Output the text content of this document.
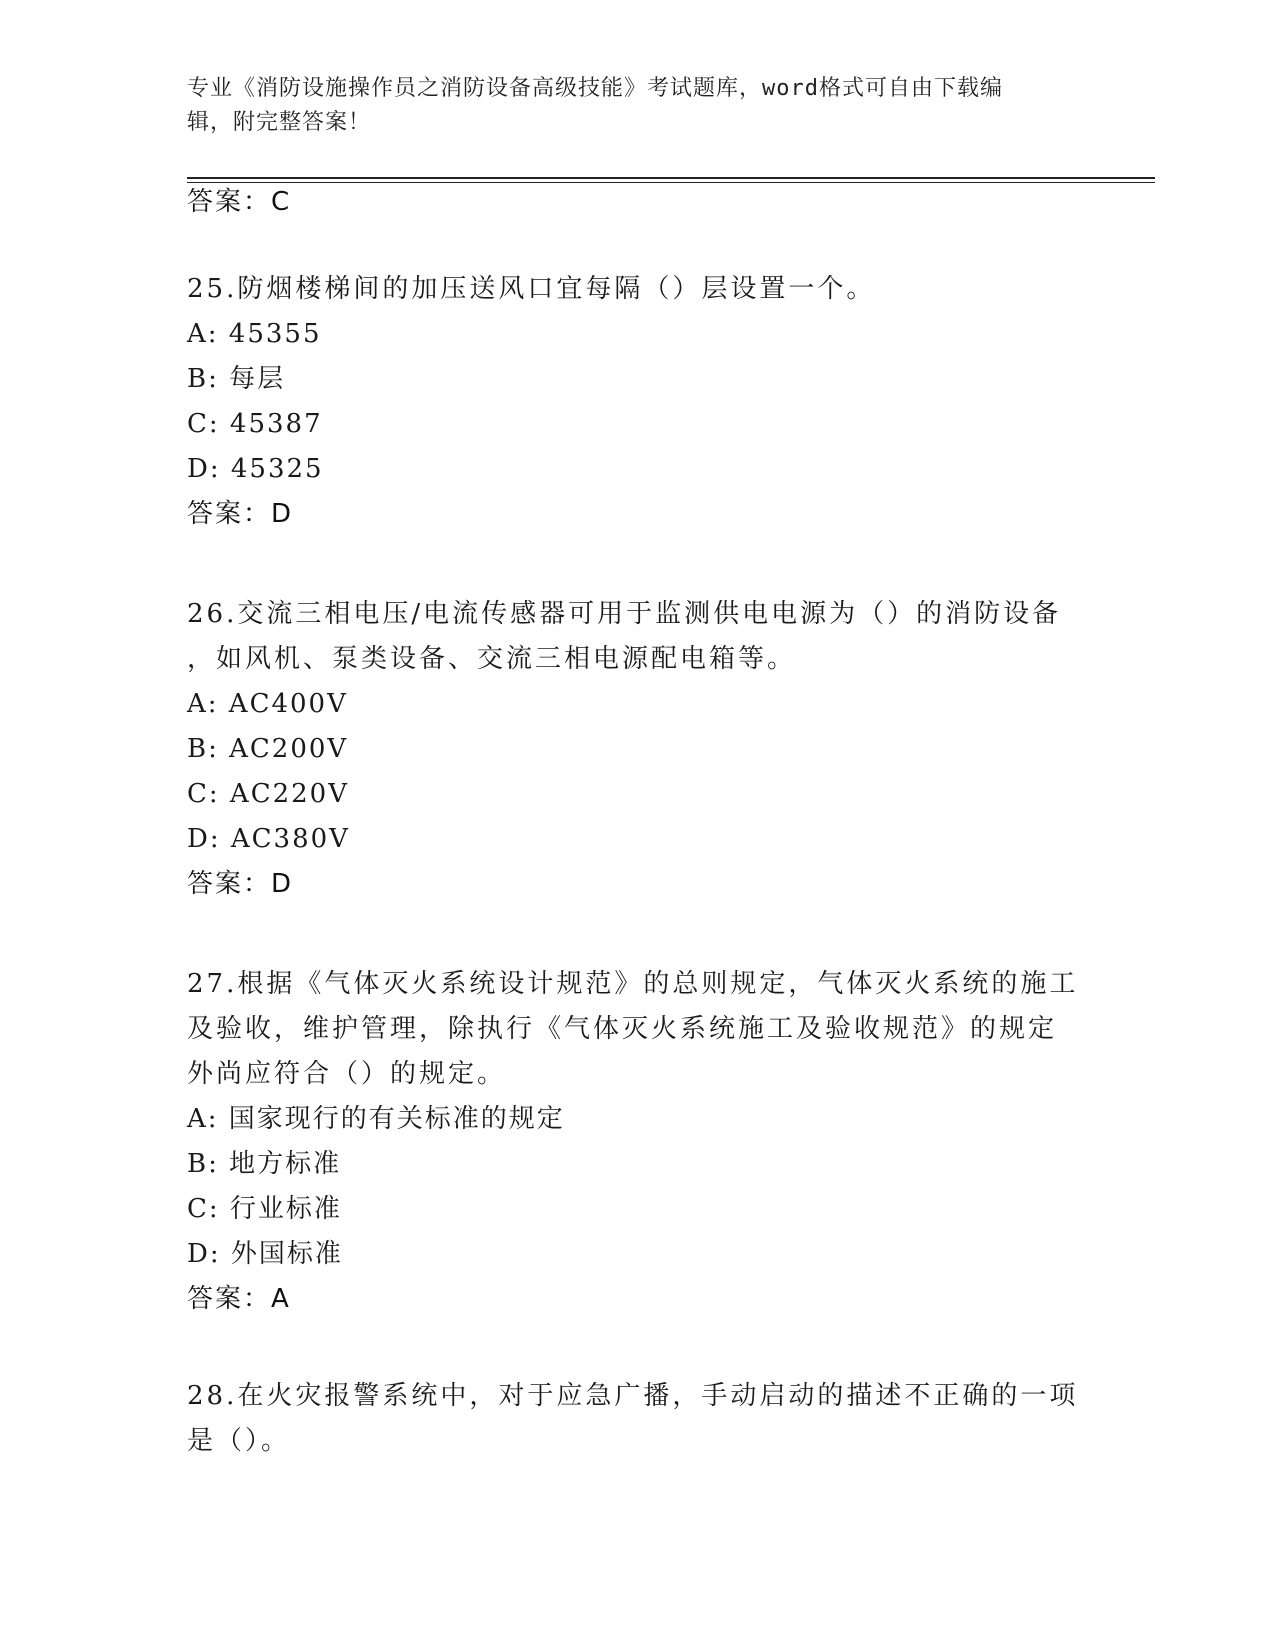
专业《消防设施操作员之消防设备高级技能》考试题库，word格式可自由下载编
辑，附完整答案！
答案：C
25.防烟楼梯间的加压送风口宜每隔（）层设置一个。
A: 45355
B: 每层
C: 45387
D: 45325
答案：D
26.交流三相电压/电流传感器可用于监测供电电源为（）的消防设备
，如风机、泵类设备、交流三相电源配电箱等。
A: AC400V
B: AC200V
C: AC220V
D: AC380V
答案：D
27.根据《气体灭火系统设计规范》的总则规定，气体灭火系统的施工
及验收，维护管理，除执行《气体灭火系统施工及验收规范》的规定
外尚应符合（）的规定。
A: 国家现行的有关标准的规定
B: 地方标准
C: 行业标准
D: 外国标准
答案：A
28.在火灾报警系统中，对于应急广播，手动启动的描述不正确的一项
是（）。
